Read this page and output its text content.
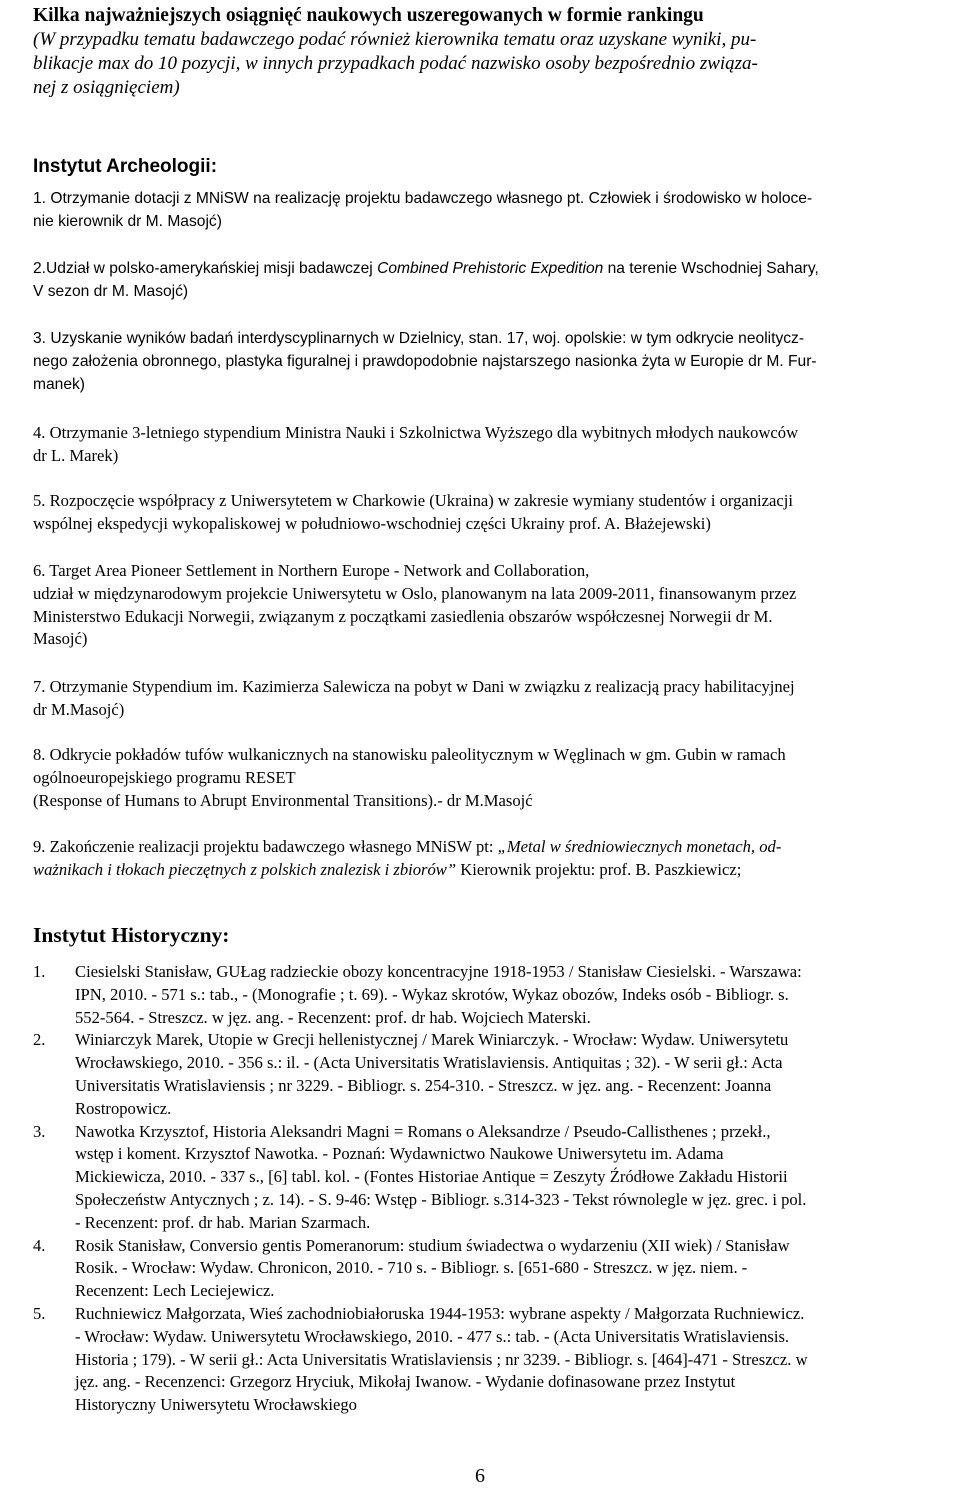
Kilka najważniejszych osiągnięć naukowych uszeregowanych w formie rankingu

(W przypadku tematu badawczego podać również kierownika tematu oraz uzyskane wyniki, pu-

blikacje max do 10 pozycji, w innych przypadkach podać nazwisko osoby bezpośrednio związa-

nej z osiągnięciem)

Instytut Archeologii:
1. Otrzymanie dotacji z MNiSW na realizację projektu badawczego własnego pt. Człowiek i środowisko w holoce-
nie kierownik dr M. Masojć)
2.Udział w polsko-amerykańskiej misji badawczej Combined Prehistoric Expedition na terenie Wschodniej Sahary,
V sezon dr M. Masojć)
3. Uzyskanie wyników badań interdyscyplinarnych w Dzielnicy, stan. 17, woj. opolskie: w tym odkrycie neolitycz-
nego założenia obronnego, plastyka figuralnej i prawdopodobnie najstarszego nasionka żyta w Europie dr M. Fur-
manek)
4. Otrzymanie 3-letniego stypendium Ministra Nauki i Szkolnictwa Wyższego dla wybitnych młodych naukowców
dr L. Marek)
5. Rozpoczęcie współpracy z Uniwersytetem w Charkowie (Ukraina) w zakresie wymiany studentów i organizacji
wspólnej ekspedycji wykopaliskowej w południowo-wschodniej części Ukrainy prof. A. Błażejewski)
6. Target Area Pioneer Settlement in Northern Europe - Network and Collaboration,
udział w międzynarodowym projekcie Uniwersytetu w Oslo, planowanym na lata 2009-2011, finansowanym przez
Ministerstwo Edukacji Norwegii, związanym z początkami zasiedlenia obszarów współczesnej Norwegii dr M.
Masojć)
7. Otrzymanie Stypendium im. Kazimierza Salewicza na pobyt w Dani w związku z realizacją pracy habilitacyjnej
dr M.Masojć)
8. Odkrycie pokładów tufów wulkanicznych na stanowisku paleolitycznym w Węglinach w gm. Gubin w ramach
ogólnoeuropejskiego programu RESET
(Response of Humans to Abrupt Environmental Transitions).- dr M.Masojć
9. Zakończenie realizacji projektu badawczego własnego MNiSW pt: „Metal w średniowiecznych monetach, od-
ważnikach i tłokach pieczętnych z polskich znalezisk i zbiorów” Kierownik projektu: prof. B. Paszkiewicz;
Instytut Historyczny:
1.	Ciesielski Stanisław, GUŁag radzieckie obozy koncentracyjne 1918-1953 / Stanisław Ciesielski. - Warszawa:
IPN, 2010. - 571 s.: tab., - (Monografie ; t. 69). - Wykaz skrotów, Wykaz obozów, Indeks osób - Bibliogr. s.
552-564. - Streszcz. w jęz. ang. - Recenzent: prof. dr hab. Wojciech Materski.
2.	Winiarczyk Marek, Utopie w Grecji hellenistycznej / Marek Winiarczyk. - Wrocław: Wydaw. Uniwersytetu
Wrocławskiego, 2010. - 356 s.: il. - (Acta Universitatis Wratislaviensis. Antiquitas ; 32). - W serii gł.: Acta
Universitatis Wratislaviensis ; nr 3229. - Bibliogr. s. 254-310. - Streszcz. w jęz. ang. - Recenzent: Joanna
Rostropowicz.
3.	Nawotka Krzysztof, Historia Aleksandri Magni = Romans o Aleksandrze / Pseudo-Callisthenes ; przekł.,
wstęp i koment. Krzysztof Nawotka. - Poznań: Wydawnictwo Naukowe Uniwersytetu im. Adama
Mickiewicza, 2010. - 337 s., [6] tabl. kol. - (Fontes Historiae Antique = Zeszyty Źródłowe Zakładu Historii
Społeczeństw Antycznych ; z. 14). - S. 9-46: Wstęp - Bibliogr. s.314-323 - Tekst równolegle w jęz. grec. i pol.
- Recenzent: prof. dr hab. Marian Szarmach.
4.	Rosik Stanisław, Conversio gentis Pomeranorum: studium świadectwa o wydarzeniu (XII wiek) / Stanisław
Rosik. - Wrocław: Wydaw. Chronicon, 2010. - 710 s. - Bibliogr. s. [651-680 - Streszcz. w jęz. niem. -
Recenzent: Lech Leciejewicz.
5.	Ruchniewicz Małgorzata, Wieś zachodniobiałoruska 1944-1953: wybrane aspekty / Małgorzata Ruchniewicz.
- Wrocław: Wydaw. Uniwersytetu Wrocławskiego, 2010. - 477 s.: tab. - (Acta Universitatis Wratislaviensis.
Historia ; 179). - W serii gł.: Acta Universitatis Wratislaviensis ; nr 3239. - Bibliogr. s. [464]-471 - Streszcz. w
jęz. ang. - Recenzenci: Grzegorz Hryciuk, Mikołaj Iwanow. - Wydanie dofinasowane przez Instytut
Historyczny Uniwersytetu Wrocławskiego
6
